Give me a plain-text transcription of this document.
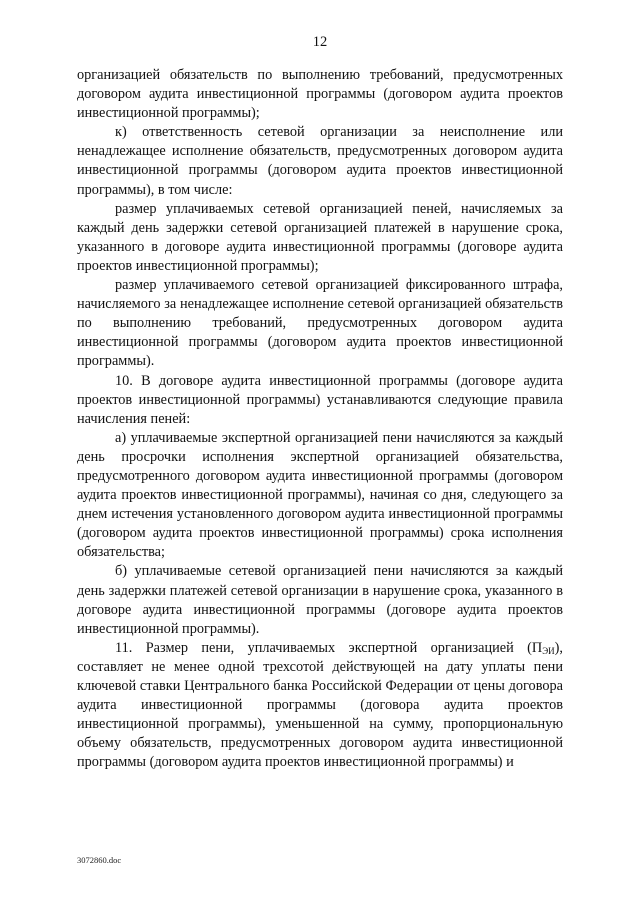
12

организацией обязательств по выполнению требований, предусмотренных договором аудита инвестиционной программы (договором аудита проектов инвестиционной программы);

к) ответственность сетевой организации за неисполнение или ненадлежащее исполнение обязательств, предусмотренных договором аудита инвестиционной программы (договором аудита проектов инвестиционной программы), в том числе:

размер уплачиваемых сетевой организацией пеней, начисляемых за каждый день задержки сетевой организацией платежей в нарушение срока, указанного в договоре аудита инвестиционной программы (договоре аудита проектов инвестиционной программы);

размер уплачиваемого сетевой организацией фиксированного штрафа, начисляемого за ненадлежащее исполнение сетевой организацией обязательств по выполнению требований, предусмотренных договором аудита инвестиционной программы (договором аудита проектов инвестиционной программы).

10. В договоре аудита инвестиционной программы (договоре аудита проектов инвестиционной программы) устанавливаются следующие правила начисления пеней:

а) уплачиваемые экспертной организацией пени начисляются за каждый день просрочки исполнения экспертной организацией обязательства, предусмотренного договором аудита инвестиционной программы (договором аудита проектов инвестиционной программы), начиная со дня, следующего за днем истечения установленного договором аудита инвестиционной программы (договором аудита проектов инвестиционной программы) срока исполнения обязательства;

б) уплачиваемые сетевой организацией пени начисляются за каждый день задержки платежей сетевой организации в нарушение срока, указанного в договоре аудита инвестиционной программы (договоре аудита проектов инвестиционной программы).

11. Размер пени, уплачиваемых экспертной организацией $(П_{ЭИ})$, составляет не менее одной трехсотой действующей на дату уплаты пени ключевой ставки Центрального банка Российской Федерации от цены договора аудита инвестиционной программы (договора аудита проектов инвестиционной программы), уменьшенной на сумму, пропорциональную объему обязательств, предусмотренных договором аудита инвестиционной программы (договором аудита проектов инвестиционной программы) и

3072860.doc
